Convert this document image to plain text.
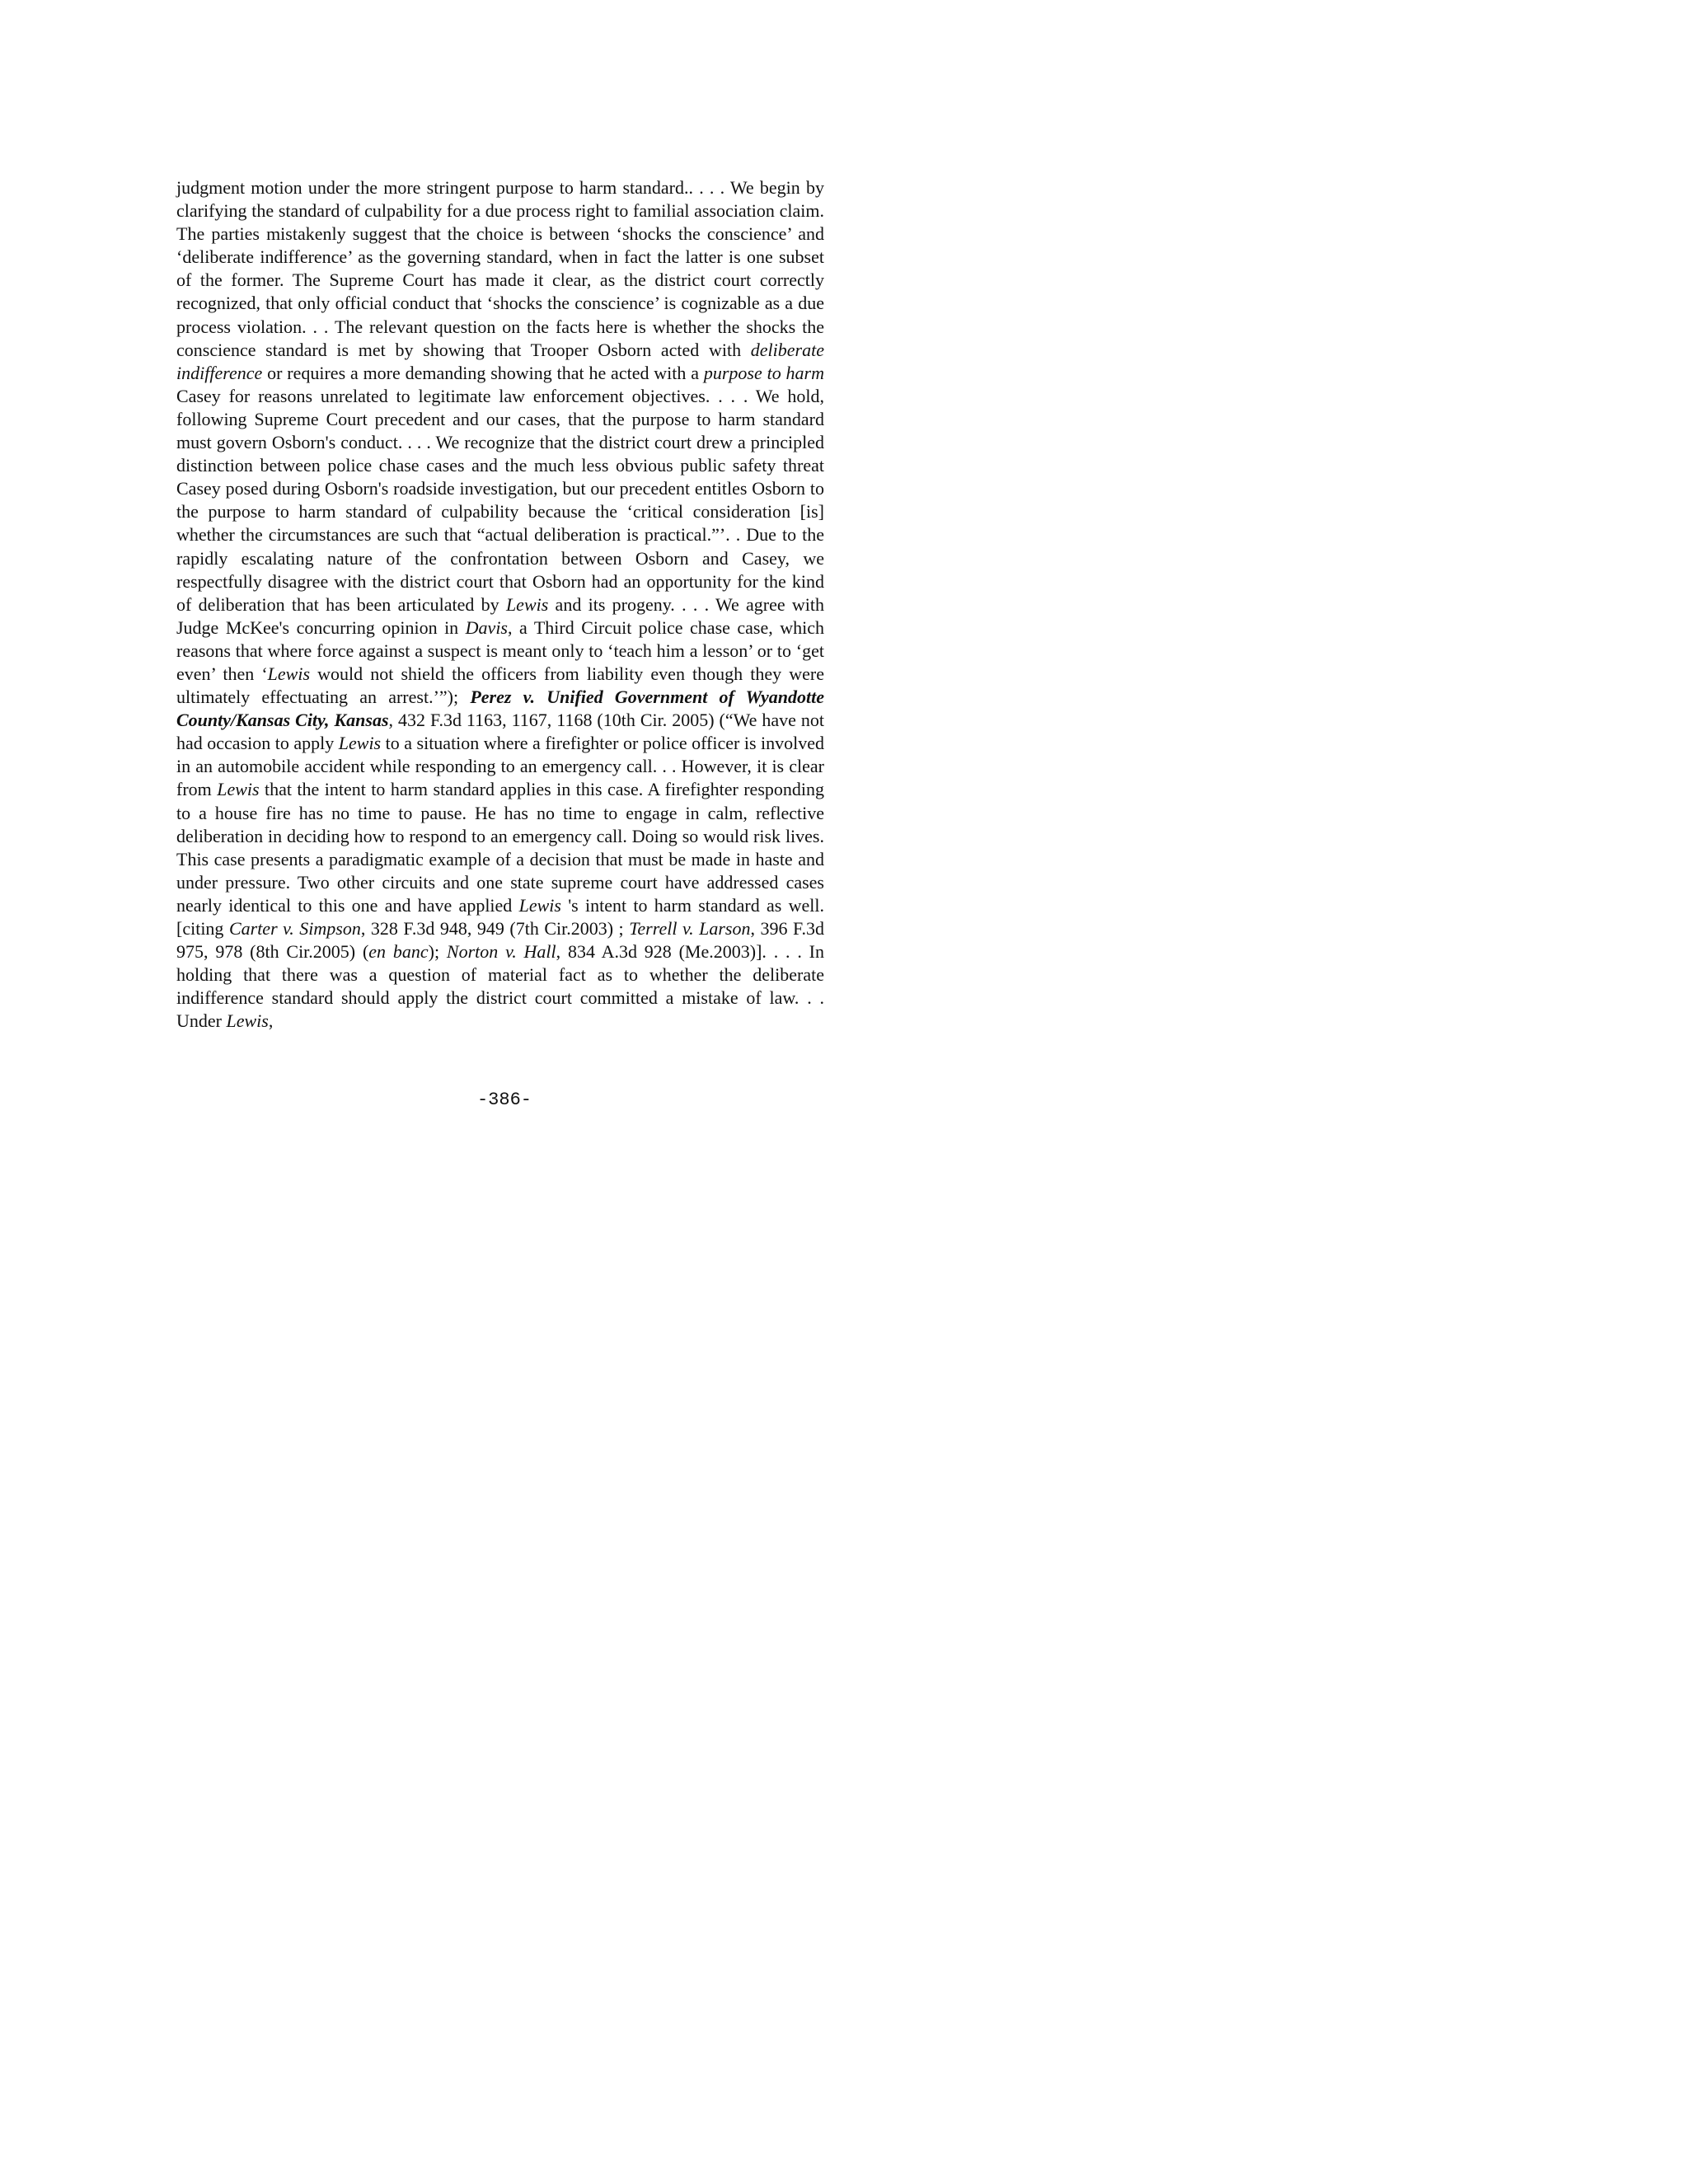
judgment motion under the more stringent purpose to harm standard.. . . . We begin by clarifying the standard of culpability for a due process right to familial association claim. The parties mistakenly suggest that the choice is between ‘shocks the conscience’ and ‘deliberate indifference’ as the governing standard, when in fact the latter is one subset of the former. The Supreme Court has made it clear, as the district court correctly recognized, that only official conduct that ‘shocks the conscience’ is cognizable as a due process violation. . . The relevant question on the facts here is whether the shocks the conscience standard is met by showing that Trooper Osborn acted with deliberate indifference or requires a more demanding showing that he acted with a purpose to harm Casey for reasons unrelated to legitimate law enforcement objectives. . . . We hold, following Supreme Court precedent and our cases, that the purpose to harm standard must govern Osborn's conduct. . . . We recognize that the district court drew a principled distinction between police chase cases and the much less obvious public safety threat Casey posed during Osborn's roadside investigation, but our precedent entitles Osborn to the purpose to harm standard of culpability because the ‘critical consideration [is] whether the circumstances are such that “actual deliberation is practical.”’. . Due to the rapidly escalating nature of the confrontation between Osborn and Casey, we respectfully disagree with the district court that Osborn had an opportunity for the kind of deliberation that has been articulated by Lewis and its progeny. . . . We agree with Judge McKee's concurring opinion in Davis, a Third Circuit police chase case, which reasons that where force against a suspect is meant only to ‘teach him a lesson’ or to ‘get even’ then ‘Lewis would not shield the officers from liability even though they were ultimately effectuating an arrest.’”); Perez v. Unified Government of Wyandotte County/Kansas City, Kansas, 432 F.3d 1163, 1167, 1168 (10th Cir. 2005) (“We have not had occasion to apply Lewis to a situation where a firefighter or police officer is involved in an automobile accident while responding to an emergency call. . . However, it is clear from Lewis that the intent to harm standard applies in this case. A firefighter responding to a house fire has no time to pause. He has no time to engage in calm, reflective deliberation in deciding how to respond to an emergency call. Doing so would risk lives. This case presents a paradigmatic example of a decision that must be made in haste and under pressure. Two other circuits and one state supreme court have addressed cases nearly identical to this one and have applied Lewis 's intent to harm standard as well. [citing Carter v. Simpson, 328 F.3d 948, 949 (7th Cir.2003) ; Terrell v. Larson, 396 F.3d 975, 978 (8th Cir.2005) (en banc); Norton v. Hall, 834 A.3d 928 (Me.2003)]. . . . In holding that there was a question of material fact as to whether the deliberate indifference standard should apply the district court committed a mistake of law. . . Under Lewis,

-386-
